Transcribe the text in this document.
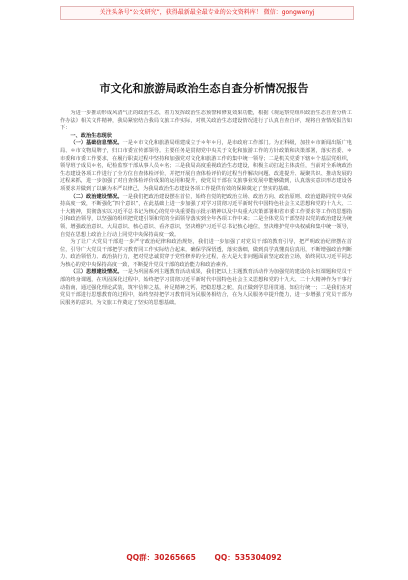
关注头条号“公文研究”，获得最新最全最专业的公文资料库！ 微信：gongwenyj
市文化和旅游局政治生态自查分析情况报告

为进一步推动形成风清气正的政治生态，着力发挥政治生态预警和修复效果功能，根据《观运察党组织政治生态自查分析工作办法》相关文件精神，我局紧密结合我局文旅工作实际，对机关政治生态建设情况进行了认真自查自评，现将自查情况报告如下：

一、政治生态现状

（一）基础信息情况。一是＊市文化和旅游局组建成立于＊年＊月，是市政府工作部门。为正科级，加挂＊市新闻出版广电局、＊市文物局牌子，归口市委宣传部领导。主要任务是贯彻党中央关于文化和旅游工作的方针政策和决策部署，落实省委、＊市委和市委工作要求，在履行职责过程中坚持和加强党对文化和旅游工作的集中统一领导；二是机关党委下辖＊个基层党组织，领导班子成员＊名，纪检监察干部从事人员＊名；三是我局高度重视政治生态建设，积极主动扛起主体责任，当前对全系统政治生态建设各项工作进行了全方位自查体检评价，并把开展自查体检评价的过程当作解决问题、改进提升、凝聚共识、推动发展的过程来抓，进一步加强了对自查体检评价成果的运用和提升，使党员干部在文旅事业发展中能够做到，认真落实意识形态建设各项要求并做到了以廉为本严以律己，为我局政治生态建设各项工作提供有效的保障奠定了坚实的基础。

（二）政治建设情况。一是我们把政治建设摆在首位，始终自觉的把政治立场、政治方向、政治原则、政治道路同党中央保持高度一致，不断强化“四个意识”，在此基础上进一步加强了对学习贯彻习近平新时代中国特色社会主义思想和党的十九大、二十大精神，贯彻落实以习近平总书记为核心的党中央重要指示批示精神以及中央重大决策部署和省市委工作要求等工作的思想指引和政治领导，以坚强的组织把党建引领和党的全面领导落实到全年各项工作中来；二是全体党员干部坚持以党的政治建设为统领，增强政治意识、大局意识、核心意识、看齐意识，坚决维护习近平总书记核心地位，坚决维护党中央权威和集中统一领导，自觉在思想上政治上行动上同党中央保持高度一致。

为了让广大党员干部进一步严守政治纪律和政治规矩，我们进一步加强了对党员干部的教育引导，把严明政治纪律摆在首位，引导广大党员干部把学习教育同工作实际结合起来，确保学深悟透，落实落细，做到真学真懂真信真用，不断增强政治判断力、政治领悟力、政治执行力，把对党忠诚贯穿于党性修养的全过程，在大是大非问题面前坚定政治立场，始终同以习近平同志为核心的党中央保持高度一致，不断提升党员干部的政治能力和政治素养。

（三）思想建设情况。一是为巩固系列主题教育活动成果，我们把以上主题教育活动作为加强党的建设的永恒课题和党员干部的终身课题，在巩固深化过程中，始终把学习贯彻习近平新时代中国特色社会主义思想和党的十九大、二十大精神作为干事行动指南，通过强化理论武装，筑牢信仰之基，补足精神之钙，把稳思想之舵，真正做到学思用贯通、知信行统一；二是我们在对党员干部进行思想教育的过程中，始终坚持把学习教育同为民服务相结合，在为人民服务中提升能力，进一步增强了党员干部为民服务的意识，为文旅工作奠定了坚实的思想基础。

QQ群：30265665 QQ：535304092
